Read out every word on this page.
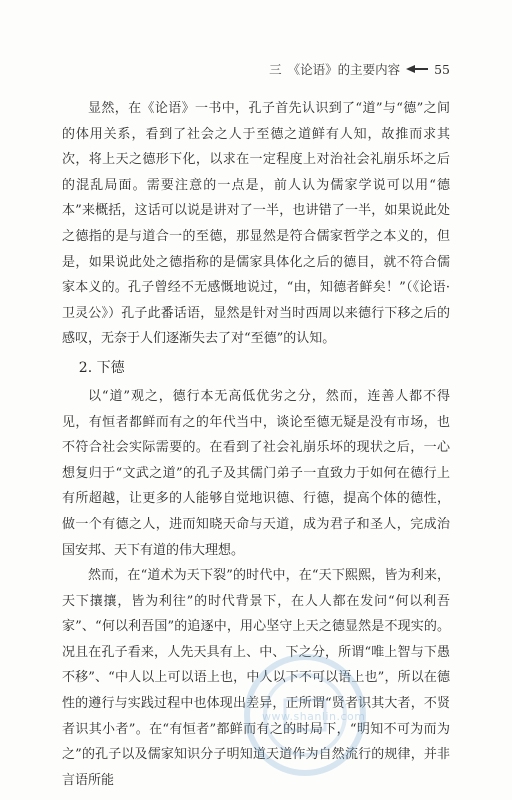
三 《论语》的主要内容	55

显然，在《论语》一书中，孔子首先认识到了“道”与“德”之间的体用关系，看到了社会之人于至德之道鲜有人知，故推而求其次，将上天之德形下化，以求在一定程度上对治社会礼崩乐坏之后的混乱局面。需要注意的一点是，前人认为儒家学说可以用“德本”来概括，这话可以说是讲对了一半，也讲错了一半，如果说此处之德指的是与道合一的至德，那显然是符合儒家哲学之本义的，但是，如果说此处之德指称的是儒家具体化之后的德目，就不符合儒家本义的。孔子曾经不无感慨地说过，“由，知德者鲜矣！”（《论语·卫灵公》）孔子此番话语，显然是针对当时西周以来德行下移之后的感叹，无奈于人们逐渐失去了对“至德”的认知。

2. 下德

以“道”观之，德行本无高低优劣之分，然而，连善人都不得见，有恒者都鲜而有之的年代当中，谈论至德无疑是没有市场，也不符合社会实际需要的。在看到了社会礼崩乐坏的现状之后，一心想复归于“文武之道”的孔子及其儒门弟子一直致力于如何在德行上有所超越，让更多的人能够自觉地识德、行德，提高个体的德性，做一个有德之人，进而知晓天命与天道，成为君子和圣人，完成治国安邦、天下有道的伟大理想。

然而，在“道术为天下裂”的时代中，在“天下熙熙，皆为利来，天下攘攘，皆为利往”的时代背景下，在人人都在发问“何以利吾家”、“何以利吾国”的追逐中，用心坚守上天之德显然是不现实的。况且在孔子看来，人先天具有上、中、下之分，所谓“唯上智与下愚不移”、“中人以上可以语上也，中人以下不可以语上也”，所以在德性的遵行与实践过程中也体现出差异，正所谓“贤者识其大者，不贤者识其小者”。在“有恒者”都鲜而有之的时局下，“明知不可为而为之”的孔子以及儒家知识分子明知道天道作为自然流行的规律，并非言语所能

www.shanlin.com
